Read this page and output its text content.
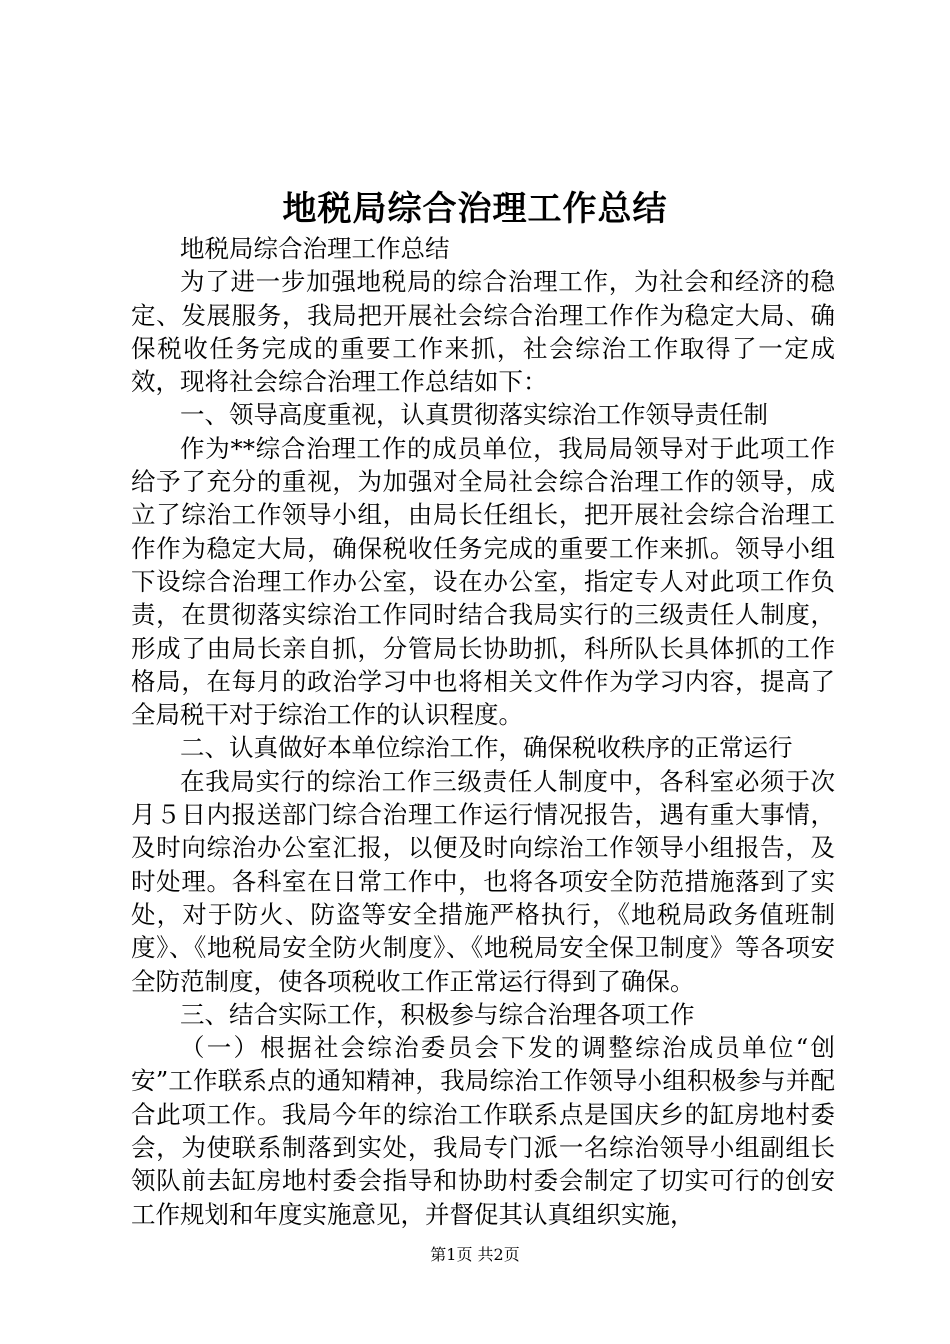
地税局综合治理工作总结

地税局综合治理工作总结

为了进一步加强地税局的综合治理工作，为社会和经济的稳定、发展服务，我局把开展社会综合治理工作作为稳定大局、确保税收任务完成的重要工作来抓，社会综治工作取得了一定成效，现将社会综合治理工作总结如下：

一、领导高度重视，认真贯彻落实综治工作领导责任制

作为**综合治理工作的成员单位，我局局领导对于此项工作给予了充分的重视，为加强对全局社会综合治理工作的领导，成立了综治工作领导小组，由局长任组长，把开展社会综合治理工作作为稳定大局，确保税收任务完成的重要工作来抓。领导小组下设综合治理工作办公室，设在办公室，指定专人对此项工作负责，在贯彻落实综治工作同时结合我局实行的三级责任人制度，形成了由局长亲自抓，分管局长协助抓，科所队长具体抓的工作格局，在每月的政治学习中也将相关文件作为学习内容，提高了全局税干对于综治工作的认识程度。

二、认真做好本单位综治工作，确保税收秩序的正常运行

在我局实行的综治工作三级责任人制度中，各科室必须于次月５日内报送部门综合治理工作运行情况报告，遇有重大事情，及时向综治办公室汇报，以便及时向综治工作领导小组报告，及时处理。各科室在日常工作中，也将各项安全防范措施落到了实处，对于防火、防盗等安全措施严格执行，《地税局政务值班制度》、《地税局安全防火制度》、《地税局安全保卫制度》等各项安全防范制度，使各项税收工作正常运行得到了确保。

三、结合实际工作，积极参与综合治理各项工作

（一）根据社会综治委员会下发的调整综治成员单位“创安”工作联系点的通知精神，我局综治工作领导小组积极参与并配合此项工作。我局今年的综治工作联系点是国庆乡的缸房地村委会，为使联系制落到实处，我局专门派一名综治领导小组副组长领队前去缸房地村委会指导和协助村委会制定了切实可行的创安工作规划和年度实施意见，并督促其认真组织实施，

第1页 共2页
